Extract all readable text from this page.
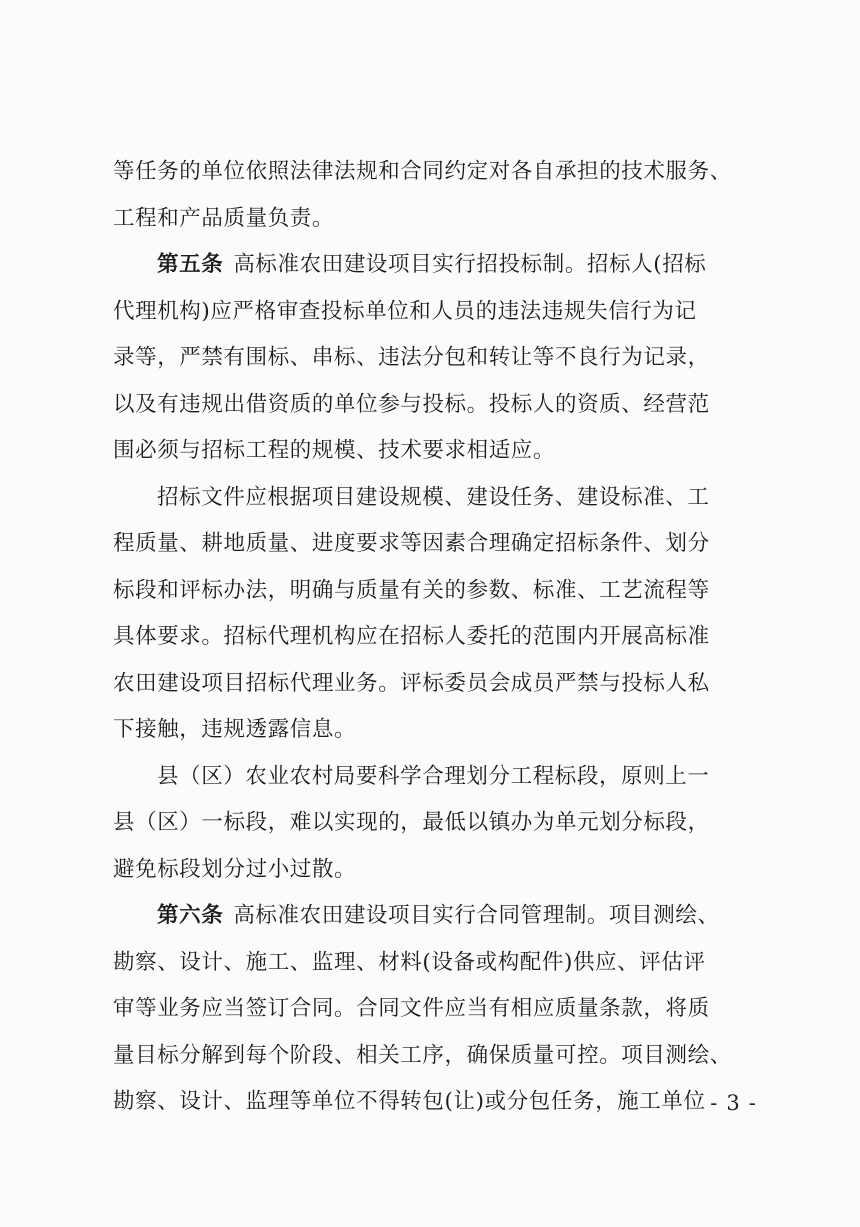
等任务的单位依照法律法规和合同约定对各自承担的技术服务、
工程和产品质量负责。
第五条 高标准农田建设项目实行招投标制。招标人(招标
代理机构)应严格审查投标单位和人员的违法违规失信行为记
录等，严禁有围标、串标、违法分包和转让等不良行为记录，
以及有违规出借资质的单位参与投标。投标人的资质、经营范
围必须与招标工程的规模、技术要求相适应。
招标文件应根据项目建设规模、建设任务、建设标准、工
程质量、耕地质量、进度要求等因素合理确定招标条件、划分
标段和评标办法，明确与质量有关的参数、标准、工艺流程等
具体要求。招标代理机构应在招标人委托的范围内开展高标准
农田建设项目招标代理业务。评标委员会成员严禁与投标人私
下接触，违规透露信息。
县（区）农业农村局要科学合理划分工程标段，原则上一
县（区）一标段，难以实现的，最低以镇办为单元划分标段，
避免标段划分过小过散。
第六条 高标准农田建设项目实行合同管理制。项目测绘、
勘察、设计、施工、监理、材料(设备或构配件)供应、评估评
审等业务应当签订合同。合同文件应当有相应质量条款，将质
量目标分解到每个阶段、相关工序，确保质量可控。项目测绘、
勘察、设计、监理等单位不得转包(让)或分包任务，施工单位 - 3 -
